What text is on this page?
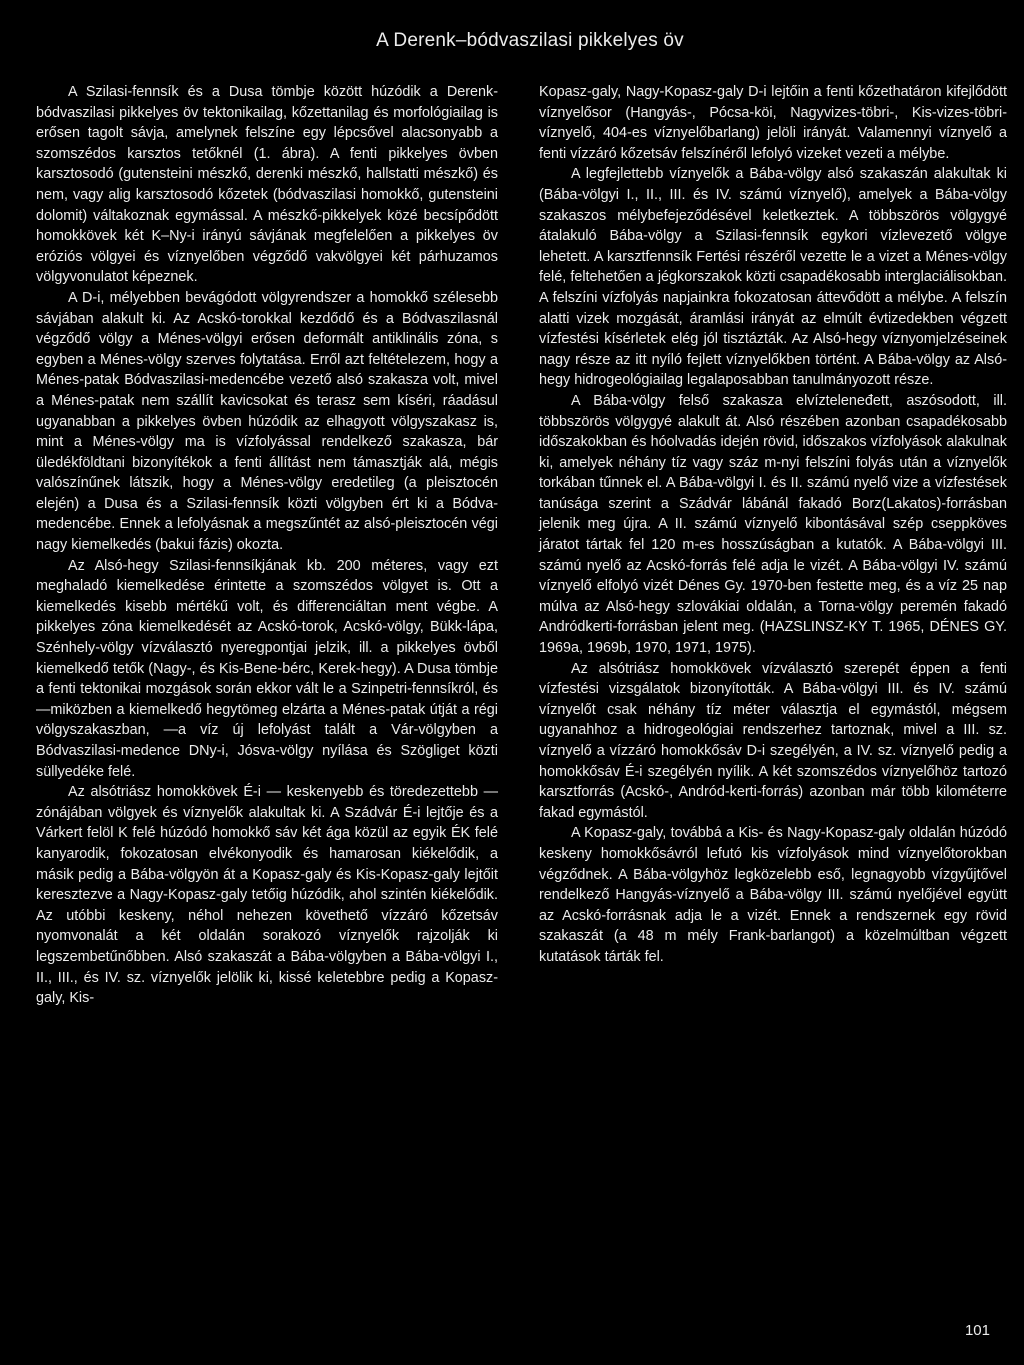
A Derenk–bódvaszilasi pikkelyes öv

A Szilasi-fennsík és a Dusa tömbje között húzódik a Derenk-bódvaszilasi pikkelyes öv tektonikailag, kőzettanilag és morfológiailag is erősen tagolt sávja, amelynek felszíne egy lépcsővel alacsonyabb a szomszédos karsztos tetőknél (1. ábra). A fenti pikkelyes övben karsztosodó (gutensteini mészkő, derenki mészkő, hallstatti mészkő) és nem, vagy alig karsztosodó kőzetek (bódvaszilasi homokkő, gutensteini dolomit) váltakoznak egymással. A mészkő-pikkelyek közé becsípődött homokkövek két K–Ny-i irányú sávjának megfelelően a pikkelyes öv eróziós völgyei és víznyelőben végződő vakvölgyei két párhuzamos völgyvonulatot képeznek.

A D-i, mélyebben bevágódott völgyrendszer a homokkő szélesebb sávjában alakult ki. Az Acskó-torokkal kezdődő és a Bódvaszilasnál végződő völgy a Ménes-völgyi erősen deformált antiklinális zóna, s egyben a Ménes-völgy szerves folytatása. Erről azt feltételezem, hogy a Ménes-patak Bódvaszilasi-medencébe vezető alsó szakasza volt, mivel a Ménes-patak nem szállít kavicsokat és terasz sem kíséri, ráadásul ugyanabban a pikkelyes övben húzódik az elhagyott völgyszakasz is, mint a Ménes-völgy ma is vízfolyással rendelkező szakasza, bár üledékföldtani bizonyítékok a fenti állítást nem támasztják alá, mégis valószínűnek látszik, hogy a Ménes-völgy eredetileg (a pleisztocén elején) a Dusa és a Szilasi-fennsík közti völgyben ért ki a Bódva-medencébe. Ennek a lefolyásnak a megszűntét az alsó-pleisztocén végi nagy kiemelkedés (bakui fázis) okozta.

Az Alsó-hegy Szilasi-fennsíkjának kb. 200 méteres, vagy ezt meghaladó kiemelkedése érintette a szomszédos völgyet is. Ott a kiemelkedés kisebb mértékű volt, és differenciáltan ment végbe. A pikkelyes zóna kiemelkedését az Acskó-torok, Acskó-völgy, Bükk-lápa, Szénhely-völgy vízválasztó nyeregpontjai jelzik, ill. a pikkelyes övből kiemelkedő tetők (Nagy-, és Kis-Bene-bérc, Kerek-hegy). A Dusa tömbje a fenti tektonikai mozgások során ekkor vált le a Szinpetri-fennsíkról, és —miközben a kiemelkedő hegytömeg elzárta a Ménes-patak útját a régi völgyszakaszban, —a víz új lefolyást talált a Vár-völgyben a Bódvaszilasi-medence DNy-i, Jósva-völgy nyílása és Szögliget közti süllyedéke felé.

Az alsótriász homokkövek É-i — keskenyebb és töredezettebb — zónájában völgyek és víznyelők alakultak ki. A Szádvár É-i lejtője és a Várkert felöl K felé húzódó homokkő sáv két ága közül az egyik ÉK felé kanyarodik, fokozatosan elvékonyodik és hamarosan kiékelődik, a másik pedig a Bába-völgyön át a Kopasz-galy és Kis-Kopasz-galy lejtőit keresztezve a Nagy-Kopasz-galy tetőig húzódik, ahol szintén kiékelődik. Az utóbbi keskeny, néhol nehezen követhető vízzáró kőzetsáv nyomvonalát a két oldalán sorakozó víznyelők rajzolják ki legszembetűnőbben. Alsó szakaszát a Bába-völgyben a Bába-völgyi I., II., III., és IV. sz. víznyelők jelölik ki, kissé keletebbre pedig a Kopasz-galy, Kis-

Kopasz-galy, Nagy-Kopasz-galy D-i lejtőin a fenti kőzethatáron kifejlődött víznyelősor (Hangyás-, Pócsa-köi, Nagyvizes-töbri-, Kis-vizes-töbri-víznyelő, 404-es víznyelőbarlang) jelöli irányát. Valamennyi víznyelő a fenti vízzáró kőzetsáv felszínéről lefolyó vizeket vezeti a mélybe.

A legfejlettebb víznyelők a Bába-völgy alsó szakaszán alakultak ki (Bába-völgyi I., II., III. és IV. számú víznyelő), amelyek a Bába-völgy szakaszos mélybefejeződésével keletkeztek. A többszörös völgygyé átalakuló Bába-völgy a Szilasi-fennsík egykori vízlevezető völgye lehetett. A karsztfennsík Fertési részéről vezette le a vizet a Ménes-völgy felé, feltehetően a jégkorszakok közti csapadékosabb interglaciálisokban. A felszíni vízfolyás napjainkra fokozatosan áttevődött a mélybe. A felszín alatti vizek mozgását, áramlási irányát az elmúlt évtizedekben végzett vízfestési kísérletek elég jól tisztázták. Az Alsó-hegy víznyomjelzéseinek nagy része az itt nyíló fejlett víznyelőkben történt. A Bába-völgy az Alsó-hegy hidrogeológiailag legalaposabban tanulmányozott része.

A Bába-völgy felső szakasza elvízteleneđett, aszósodott, ill. többszörös völgygyé alakult át. Alsó részében azonban csapadékosabb időszakokban és hóolvadás idején rövid, időszakos vízfolyások alakulnak ki, amelyek néhány tíz vagy száz m-nyi felszíni folyás után a víznyelők torkában tűnnek el. A Bába-völgyi I. és II. számú nyelő vize a vízfestések tanúsága szerint a Szádvár lábánál fakadó Borz(Lakatos)-forrásban jelenik meg újra. A II. számú víznyelő kibontásával szép cseppköves járatot tártak fel 120 m-es hosszúságban a kutatók. A Bába-völgyi III. számú nyelő az Acskó-forrás felé adja le vizét. A Bába-völgyi IV. számú víznyelő elfolyó vizét Dénes Gy. 1970-ben festette meg, és a víz 25 nap múlva az Alsó-hegy szlovákiai oldalán, a Torna-völgy peremén fakadó Andródkerti-forrásban jelent meg. (HAZSLINSZ-KY T. 1965, DÉNES GY. 1969a, 1969b, 1970, 1971, 1975).

Az alsótriász homokkövek vízválasztó szerepét éppen a fenti vízfestési vizsgálatok bizonyították. A Bába-völgyi III. és IV. számú víznyelőt csak néhány tíz méter választja el egymástól, mégsem ugyanahhoz a hidrogeológiai rendszerhez tartoznak, mivel a III. sz. víznyelő a vízzáró homokkősáv D-i szegélyén, a IV. sz. víznyelő pedig a homokkősáv É-i szegélyén nyílik. A két szomszédos víznyelőhöz tartozó karsztforrás (Acskó-, Andród-kerti-forrás) azonban már több kilométerre fakad egymástól.

A Kopasz-galy, továbbá a Kis- és Nagy-Kopasz-galy oldalán húzódó keskeny homokkősávról lefutó kis vízfolyások mind víznyelőtorokban végződnek. A Bába-völgyhöz legközelebb eső, legnagyobb vízgyűjtővel rendelkező Hangyás-víznyelő a Bába-völgy III. számú nyelőjével együtt az Acskó-forrásnak adja le a vizét. Ennek a rendszernek egy rövid szakaszát (a 48 m mély Frank-barlangot) a közelmúltban végzett kutatások tárták fel.

101
